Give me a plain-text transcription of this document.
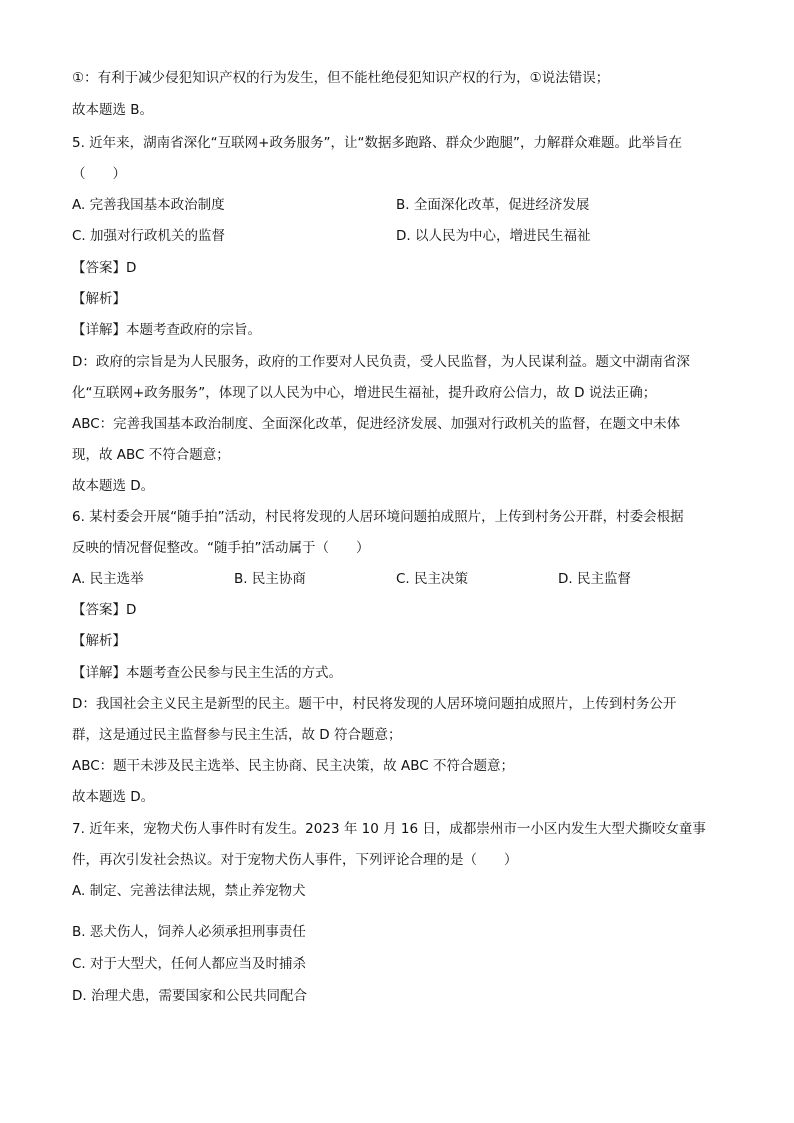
①：有利于减少侵犯知识产权的行为发生，但不能杜绝侵犯知识产权的行为，①说法错误；
故本题选 B。
5. 近年来，湖南省深化“互联网+政务服务”，让“数据多跑路、群众少跑腿”，力解群众难题。此举旨在
（　　）
A. 完善我国基本政治制度	B. 全面深化改革，促进经济发展
C. 加强对行政机关的监督	D. 以人民为中心，增进民生福祉
【答案】D
【解析】
【详解】本题考查政府的宗旨。
D：政府的宗旨是为人民服务，政府的工作要对人民负责，受人民监督，为人民谋利益。题文中湖南省深
化“互联网+政务服务”，体现了以人民为中心，增进民生福祉，提升政府公信力，故 D 说法正确；
ABC：完善我国基本政治制度、全面深化改革，促进经济发展、加强对行政机关的监督，在题文中未体
现，故 ABC 不符合题意；
故本题选 D。
6. 某村委会开展“随手拍”活动，村民将发现的人居环境问题拍成照片，上传到村务公开群，村委会根据
反映的情况督促整改。“随手拍”活动属于（　　）
A. 民主选举	B. 民主协商	C. 民主决策	D. 民主监督
【答案】D
【解析】
【详解】本题考查公民参与民主生活的方式。
D：我国社会主义民主是新型的民主。题干中，村民将发现的人居环境问题拍成照片，上传到村务公开
群，这是通过民主监督参与民主生活，故 D 符合题意；
ABC：题干未涉及民主选举、民主协商、民主决策，故 ABC 不符合题意；
故本题选 D。
7. 近年来，宠物犬伤人事件时有发生。2023 年 10 月 16 日，成都崇州市一小区内发生大型犬撕咬女童事
件，再次引发社会热议。对于宠物犬伤人事件，下列评论合理的是（　　）
A. 制定、完善法律法规，禁止养宠物犬
B. 恶犬伤人，饲养人必须承担刑事责任
C. 对于大型犬，任何人都应当及时捕杀
D. 治理犬患，需要国家和公民共同配合
